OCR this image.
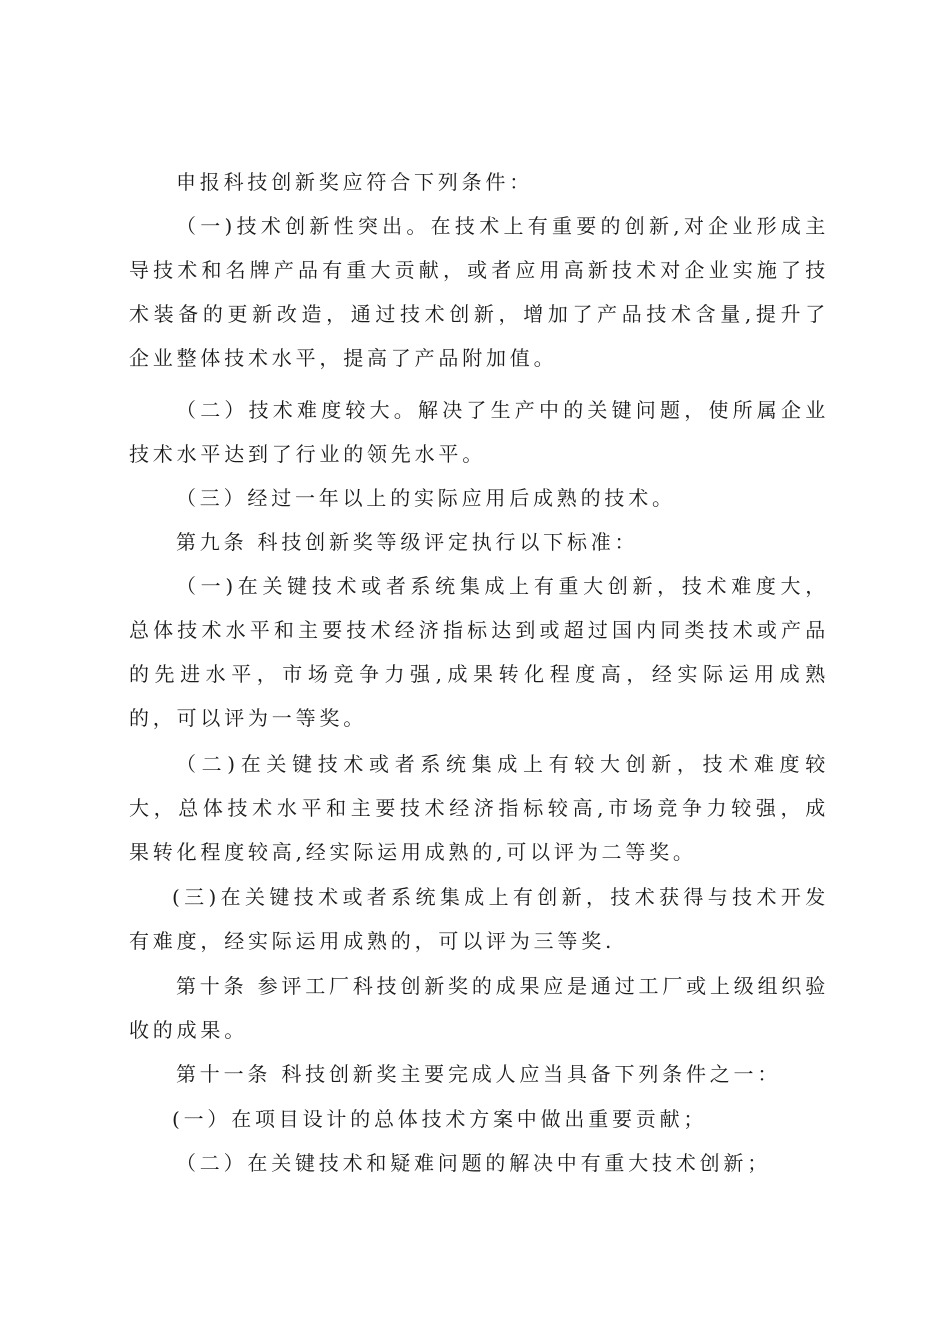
申报科技创新奖应符合下列条件：

（一)技术创新性突出。在技术上有重要的创新,对企业形成主导技术和名牌产品有重大贡献，或者应用高新技术对企业实施了技术装备的更新改造，通过技术创新，增加了产品技术含量,提升了企业整体技术水平，提高了产品附加值。

（二）技术难度较大。解决了生产中的关键问题，使所属企业技术水平达到了行业的领先水平。

（三）经过一年以上的实际应用后成熟的技术。

第九条 科技创新奖等级评定执行以下标准：

（一)在关键技术或者系统集成上有重大创新，技术难度大，总体技术水平和主要技术经济指标达到或超过国内同类技术或产品的先进水平，市场竞争力强,成果转化程度高，经实际运用成熟的，可以评为一等奖。

（二)在关键技术或者系统集成上有较大创新，技术难度较大，总体技术水平和主要技术经济指标较高,市场竞争力较强，成果转化程度较高,经实际运用成熟的,可以评为二等奖。

(三)在关键技术或者系统集成上有创新，技术获得与技术开发有难度，经实际运用成熟的，可以评为三等奖.

第十条 参评工厂科技创新奖的成果应是通过工厂或上级组织验收的成果。

第十一条 科技创新奖主要完成人应当具备下列条件之一：

(一）在项目设计的总体技术方案中做出重要贡献；

（二）在关键技术和疑难问题的解决中有重大技术创新；
